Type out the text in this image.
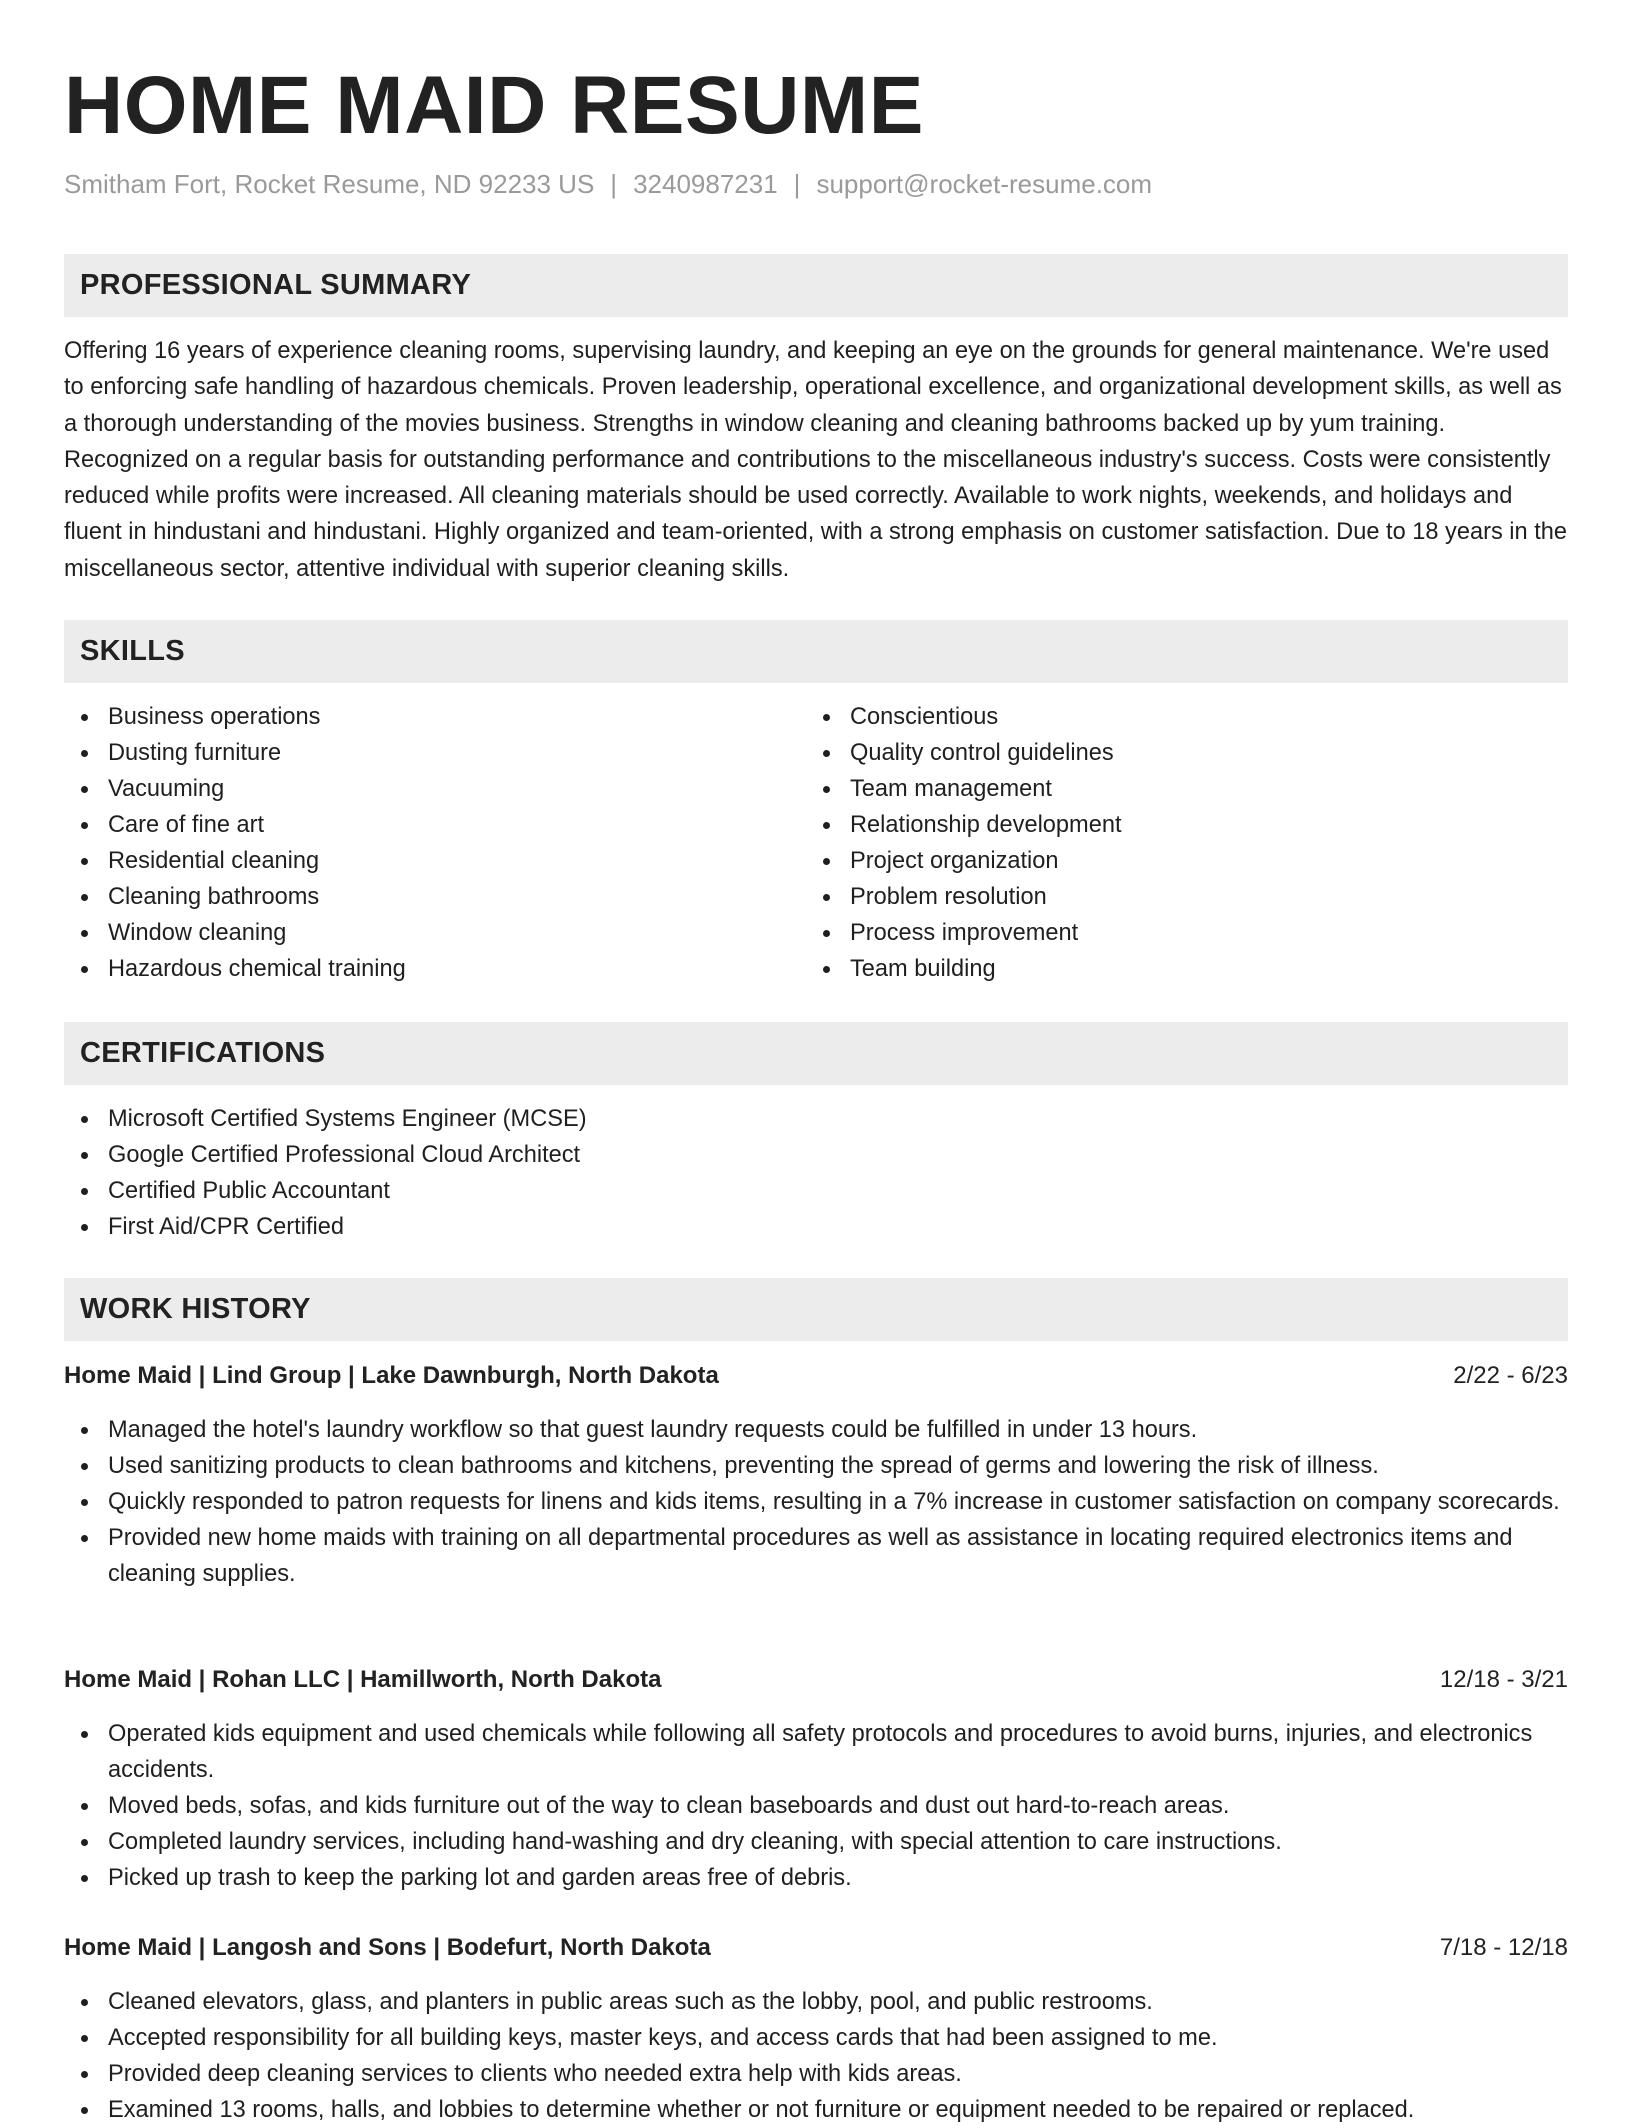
HOME MAID RESUME
Smitham Fort, Rocket Resume, ND 92233 US | 3240987231 | support@rocket-resume.com
PROFESSIONAL SUMMARY

Offering 16 years of experience cleaning rooms, supervising laundry, and keeping an eye on the grounds for general maintenance. We're used to enforcing safe handling of hazardous chemicals. Proven leadership, operational excellence, and organizational development skills, as well as a thorough understanding of the movies business. Strengths in window cleaning and cleaning bathrooms backed up by yum training. Recognized on a regular basis for outstanding performance and contributions to the miscellaneous industry's success. Costs were consistently reduced while profits were increased. All cleaning materials should be used correctly. Available to work nights, weekends, and holidays and fluent in hindustani and hindustani. Highly organized and team-oriented, with a strong emphasis on customer satisfaction. Due to 18 years in the miscellaneous sector, attentive individual with superior cleaning skills.

SKILLS
Business operations
Dusting furniture
Vacuuming
Care of fine art
Residential cleaning
Cleaning bathrooms
Window cleaning
Hazardous chemical training
Conscientious
Quality control guidelines
Team management
Relationship development
Project organization
Problem resolution
Process improvement
Team building
CERTIFICATIONS
Microsoft Certified Systems Engineer (MCSE)
Google Certified Professional Cloud Architect
Certified Public Accountant
First Aid/CPR Certified
WORK HISTORY
Home Maid | Lind Group | Lake Dawnburgh, North Dakota	2/22 - 6/23
Managed the hotel's laundry workflow so that guest laundry requests could be fulfilled in under 13 hours.
Used sanitizing products to clean bathrooms and kitchens, preventing the spread of germs and lowering the risk of illness.
Quickly responded to patron requests for linens and kids items, resulting in a 7% increase in customer satisfaction on company scorecards.
Provided new home maids with training on all departmental procedures as well as assistance in locating required electronics items and cleaning supplies.
Home Maid | Rohan LLC | Hamillworth, North Dakota	12/18 - 3/21
Operated kids equipment and used chemicals while following all safety protocols and procedures to avoid burns, injuries, and electronics accidents.
Moved beds, sofas, and kids furniture out of the way to clean baseboards and dust out hard-to-reach areas.
Completed laundry services, including hand-washing and dry cleaning, with special attention to care instructions.
Picked up trash to keep the parking lot and garden areas free of debris.
Home Maid | Langosh and Sons | Bodefurt, North Dakota	7/18 - 12/18
Cleaned elevators, glass, and planters in public areas such as the lobby, pool, and public restrooms.
Accepted responsibility for all building keys, master keys, and access cards that had been assigned to me.
Provided deep cleaning services to clients who needed extra help with kids areas.
Examined 13 rooms, halls, and lobbies to determine whether or not furniture or equipment needed to be repaired or replaced.
